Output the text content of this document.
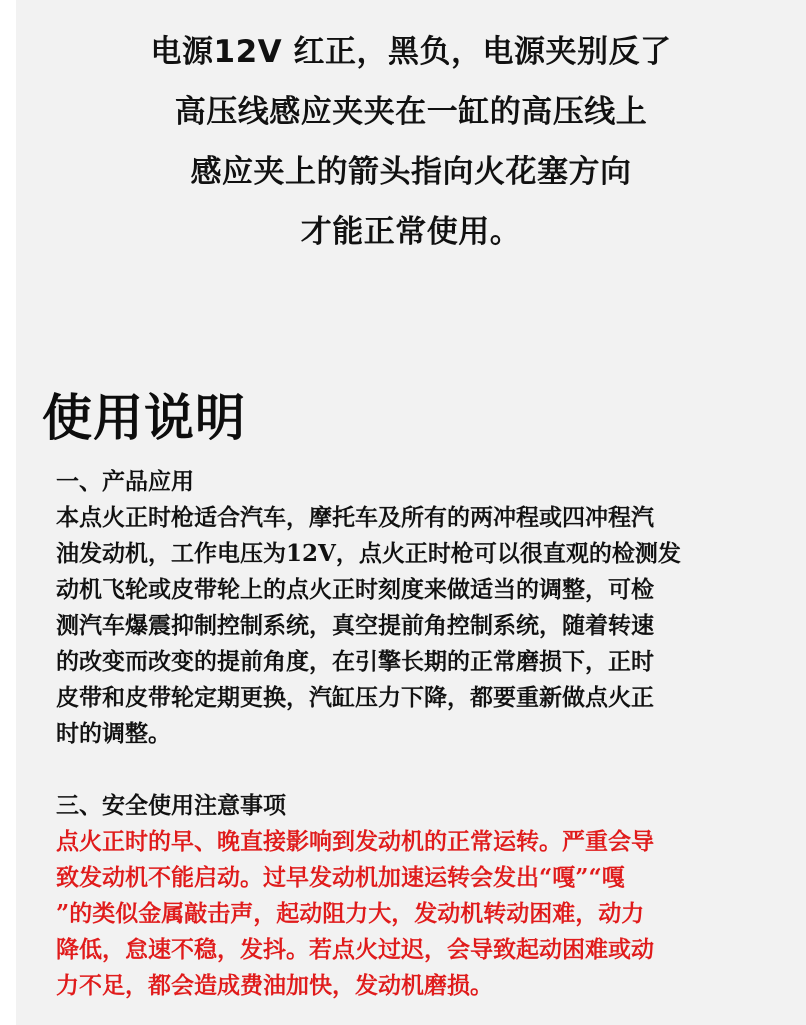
电源12V 红正，黑负，电源夹别反了
高压线感应夹夹在一缸的高压线上
感应夹上的箭头指向火花塞方向
才能正常使用。
使用说明

一、产品应用

本点火正时枪适合汽车，摩托车及所有的两冲程或四冲程汽

油发动机，工作电压为12V，点火正时枪可以很直观的检测发

动机飞轮或皮带轮上的点火正时刻度来做适当的调整，可检

测汽车爆震抑制控制系统，真空提前角控制系统，随着转速

的改变而改变的提前角度，在引擎长期的正常磨损下，正时

皮带和皮带轮定期更换，汽缸压力下降，都要重新做点火正

时的调整。

三、安全使用注意事项

点火正时的早、晚直接影响到发动机的正常运转。严重会导

致发动机不能启动。过早发动机加速运转会发出“嘎”“嘎

”的类似金属敲击声，起动阻力大，发动机转动困难，动力

降低，怠速不稳，发抖。若点火过迟，会导致起动困难或动

力不足，都会造成费油加快，发动机磨损。
